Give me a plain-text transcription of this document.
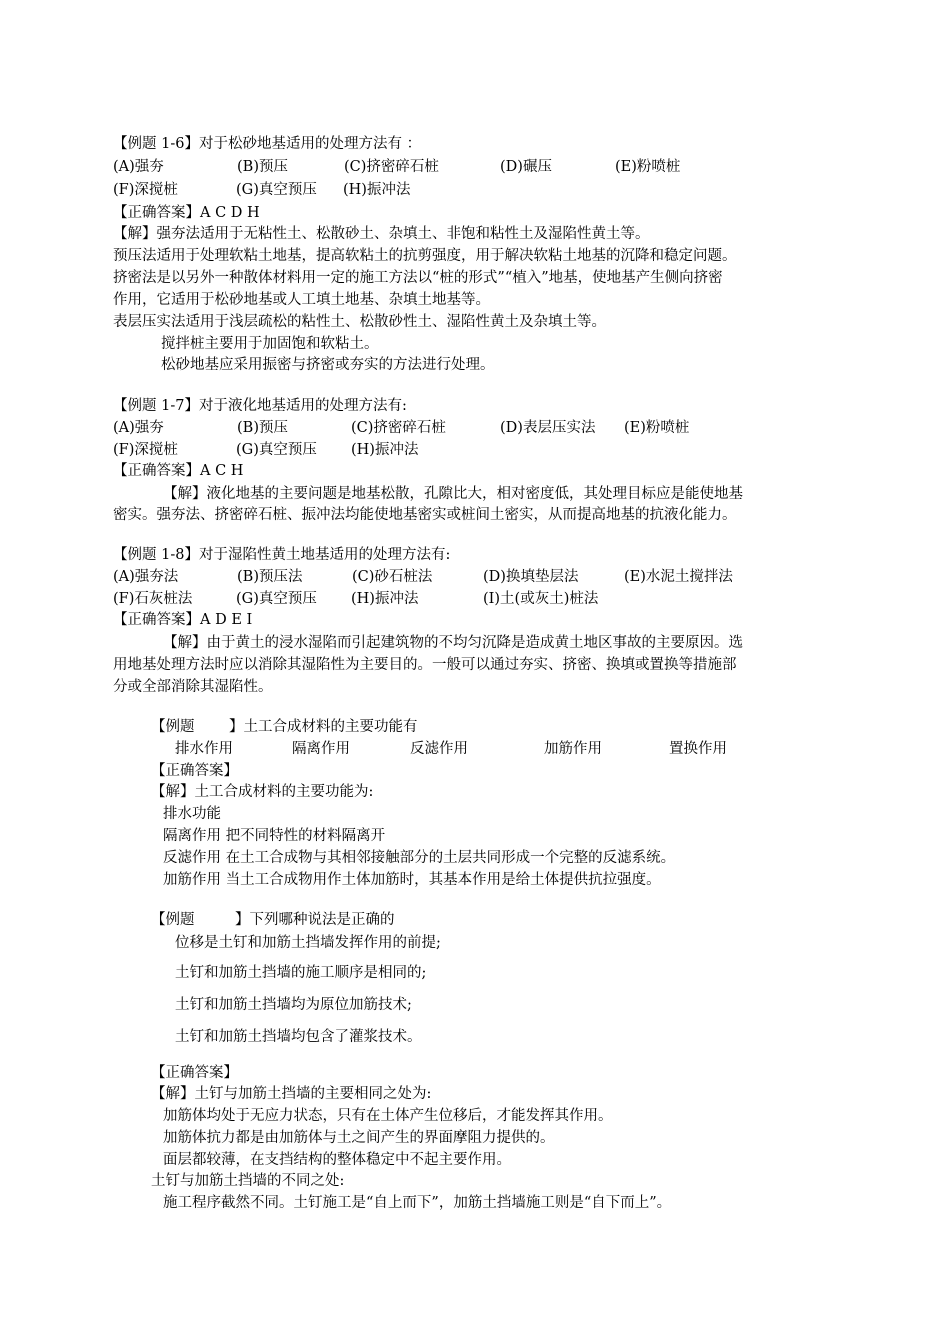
【例题 1-6】对于松砂地基适用的处理方法有 ：
(A)强夯	(B)预压	(C)挤密碎石桩	(D)碾压	(E)粉喷桩
(F)深搅桩	(G)真空预压 (H)振冲法
【正确答案】A C D H
【解】强夯法适用于无粘性土、松散砂土、杂填土、非饱和粘性土及湿陷性黄土等。
预压法适用于处理软粘土地基，提高软粘土的抗剪强度，用于解决软粘土地基的沉降和稳定问题。
挤密法是以另外一种散体材料用一定的施工方法以“桩的形式”“植入”地基，使地基产生侧向挤密
作用，它适用于松砂地基或人工填土地基、杂填土地基等。
表层压实法适用于浅层疏松的粘性土、松散砂性土、湿陷性黄土及杂填土等。
搅拌桩主要用于加固饱和软粘土。
松砂地基应采用振密与挤密或夯实的方法进行处理。
【例题 1-7】对于液化地基适用的处理方法有:
(A)强夯	(B)预压	(C)挤密碎石桩	(D)表层压实法 (E)粉喷桩
(F)深搅桩	(G)真空预压 (H)振冲法
【正确答案】A C H
【解】液化地基的主要问题是地基松散，孔隙比大，相对密度低，其处理目标应是能使地基
密实。强夯法、挤密碎石桩、振冲法均能使地基密实或桩间土密实，从而提高地基的抗液化能力。
【例题 1-8】对于湿陷性黄土地基适用的处理方法有:
(A)强夯法	(B)预压法	(C)砂石桩法	(D)换填垫层法	(E)水泥土搅拌法
(F)石灰桩法	(G)真空预压 (H)振冲法	(I)土(或灰土)桩法
【正确答案】A D E I
【解】由于黄土的浸水湿陷而引起建筑物的不均匀沉降是造成黄土地区事故的主要原因。选
用地基处理方法时应以消除其湿陷性为主要目的。一般可以通过夯实、挤密、换填或置换等措施部
分或全部消除其湿陷性。
【例题 】土工合成材料的主要功能有
排水作用	隔离作用	反滤作用	加筋作用	置换作用
【正确答案】
【解】土工合成材料的主要功能为:
排水功能
隔离作用 把不同特性的材料隔离开
反滤作用 在土工合成物与其相邻接触部分的土层共同形成一个完整的反滤系统。
加筋作用 当土工合成物用作土体加筋时，其基本作用是给土体提供抗拉强度。
【例题	】下列哪种说法是正确的
位移是土钉和加筋土挡墙发挥作用的前提;
土钉和加筋土挡墙的施工顺序是相同的;
土钉和加筋土挡墙均为原位加筋技术;
土钉和加筋土挡墙均包含了灌浆技术。
【正确答案】
【解】土钉与加筋土挡墙的主要相同之处为:
加筋体均处于无应力状态，只有在土体产生位移后，才能发挥其作用。
加筋体抗力都是由加筋体与土之间产生的界面摩阻力提供的。
面层都较薄，在支挡结构的整体稳定中不起主要作用。
土钉与加筋土挡墙的不同之处:
施工程序截然不同。土钉施工是“自上而下”，加筋土挡墙施工则是“自下而上”。
